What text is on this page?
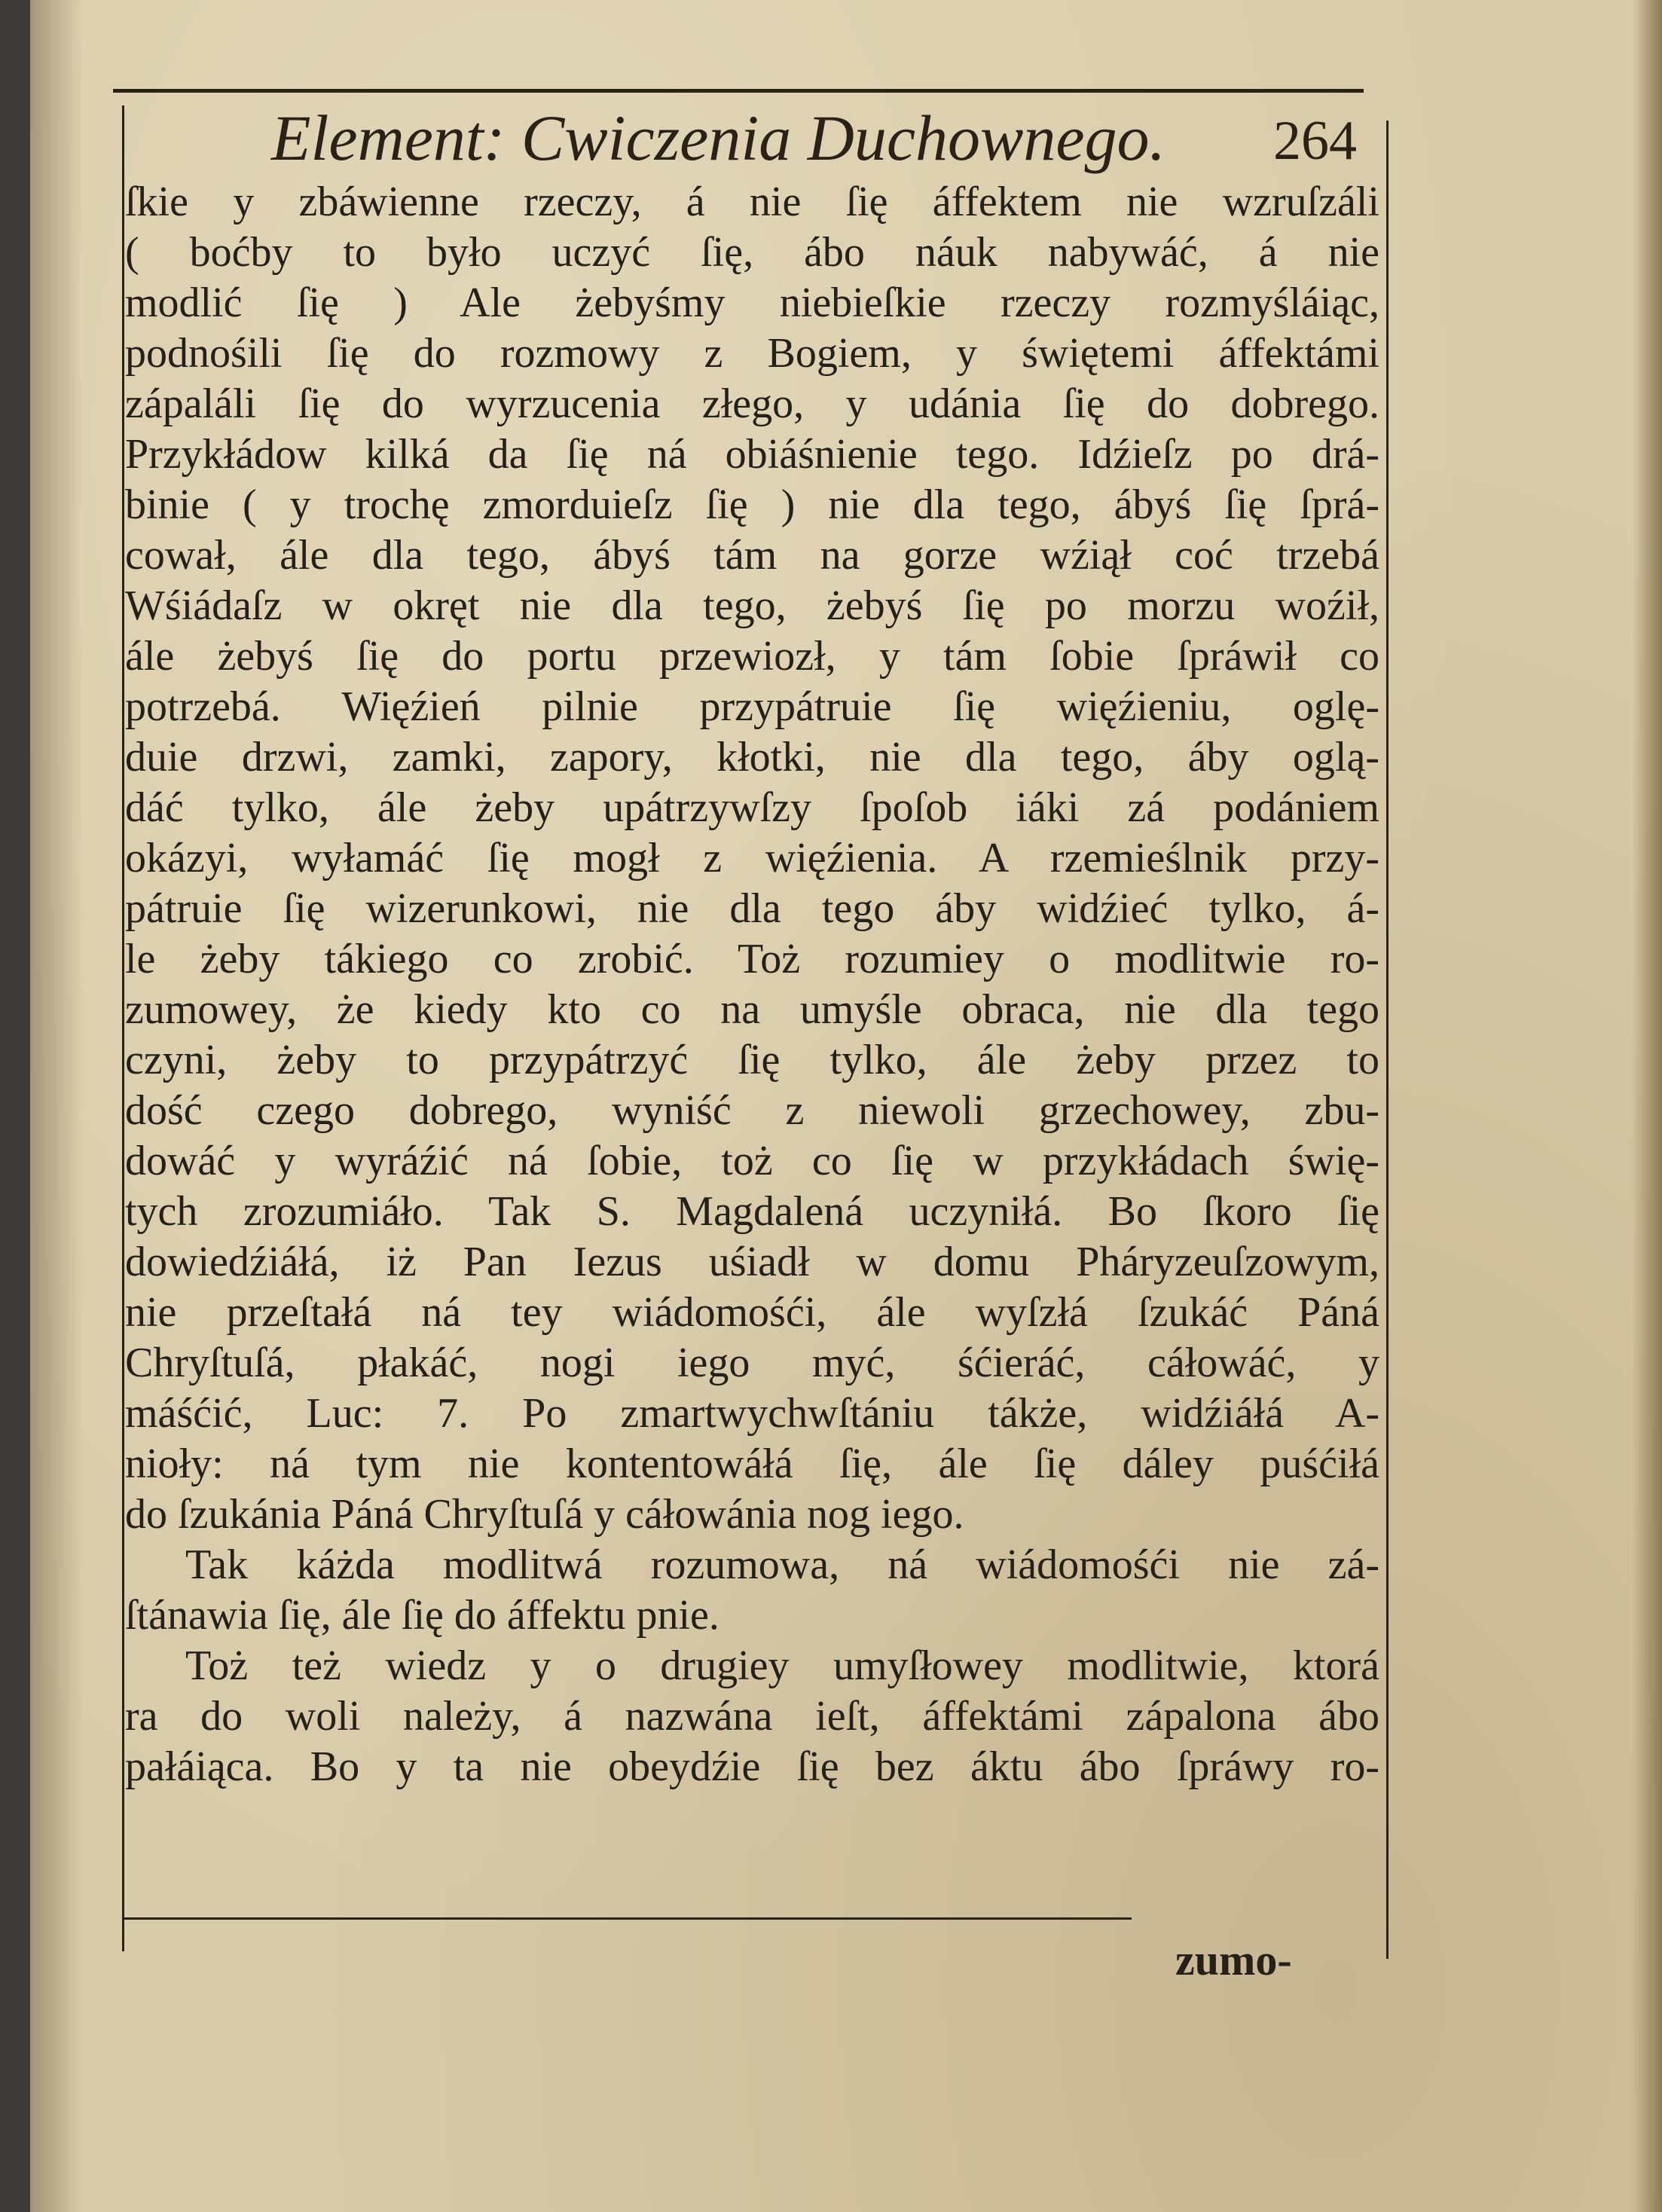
Element: Cwiczenia Duchownego. 264
ſkie y zbáwienne rzeczy, á nie ſię áffektem nie wzruſzáli
( boćby to było uczyć ſię, ábo náuk nabywáć, á nie
modlić ſię ) Ale żebyśmy niebieſkie rzeczy rozmyśláiąc,
podnośili ſię do rozmowy z Bogiem, y świętemi áffektámi
zápaláli ſię do wyrzucenia złego, y udánia ſię do dobrego.
Przykłádow kilká da ſię ná obiáśnienie tego. Idźieſz po drá-
binie ( y trochę zmorduieſz ſię ) nie dla tego, ábyś ſię ſprá-
cował, ále dla tego, ábyś tám na gorze wźiął coć trzebá
Wśiádaſz w okręt nie dla tego, żebyś ſię po morzu woźił,
ále żebyś ſię do portu przewiozł, y tám ſobie ſpráwił co
potrzebá. Więźień pilnie przypátruie ſię więźieniu, oglę-
duie drzwi, zamki, zapory, kłotki, nie dla tego, áby oglą-
dáć tylko, ále żeby upátrzywſzy ſpoſob iáki zá podániem
okázyi, wyłamáć ſię mogł z więźienia. A rzemieślnik przy-
pátruie ſię wizerunkowi, nie dla tego áby widźieć tylko, á-
le żeby tákiego co zrobić. Toż rozumiey o modlitwie ro-
zumowey, że kiedy kto co na umyśle obraca, nie dla tego
czyni, żeby to przypátrzyć ſię tylko, ále żeby przez to
dość czego dobrego, wyniść z niewoli grzechowey, zbu-
dowáć y wyráźić ná ſobie, toż co ſię w przykłádach świę-
tych zrozumiáło. Tak S. Magdalená uczyniłá. Bo ſkoro ſię
dowiedźiáłá, iż Pan Iezus uśiadł w domu Pháryzeuſzowym,
nie przeſtałá ná tey wiádomośći, ále wyſzłá ſzukáć Páná
Chryſtuſá, płakáć, nogi iego myć, śćieráć, cáłowáć, y
máśćić, Luc: 7. Po zmartwychwſtániu tákże, widźiáłá A-
nioły: ná tym nie kontentowáłá ſię, ále ſię dáley puśćiłá
do ſzukánia Páná Chryſtuſá y cáłowánia nog iego.
Tak káżda modlitwá rozumowa, ná wiádomośći nie zá-
ſtánawia ſię, ále ſię do áffektu pnie.
Toż też wiedz y o drugiey umyſłowey modlitwie, ktorá
ra do woli należy, á nazwána ieſt, áffektámi zápalona ábo
pałáiąca. Bo y ta nie obeydźie ſię bez áktu ábo ſpráwy ro-
zumo-
